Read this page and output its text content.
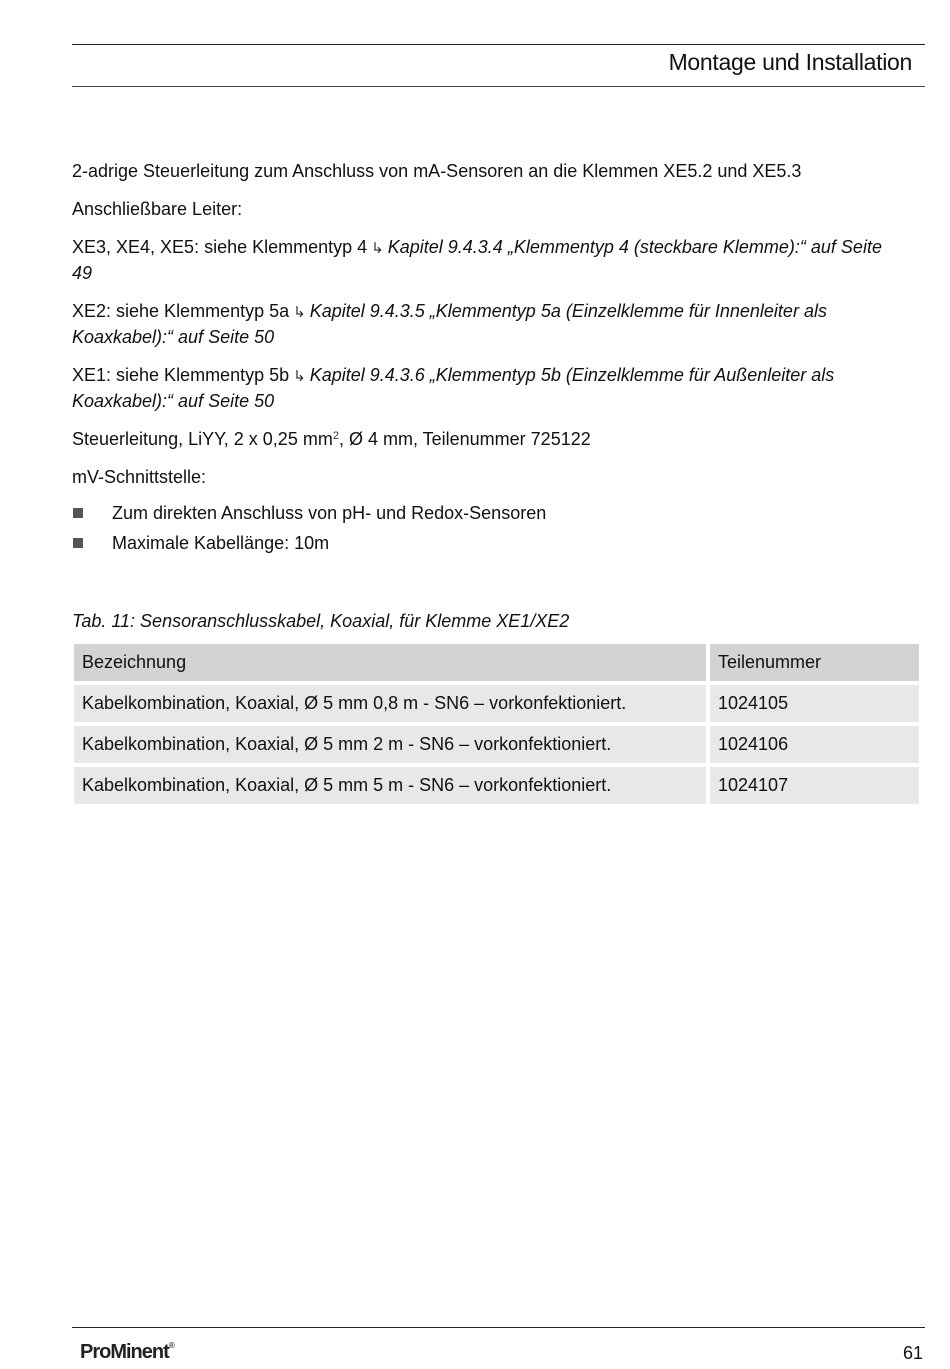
Montage und Installation

2-adrige Steuerleitung zum Anschluss von mA-Sensoren an die Klemmen XE5.2 und XE5.3

Anschließbare Leiter:

XE3, XE4, XE5: siehe Klemmentyp 4 ↳ Kapitel 9.4.3.4 „Klemmentyp 4 (steckbare Klemme):“ auf Seite 49

XE2: siehe Klemmentyp 5a ↳ Kapitel 9.4.3.5 „Klemmentyp 5a (Einzelklemme für Innenleiter als Koaxkabel):“ auf Seite 50

XE1: siehe Klemmentyp 5b ↳ Kapitel 9.4.3.6 „Klemmentyp 5b (Einzelklemme für Außenleiter als Koaxkabel):“ auf Seite 50

Steuerleitung, LiYY, 2 x 0,25 $mm^2$, Ø 4 mm, Teilenummer 725122

mV-Schnittstelle:

Zum direkten Anschluss von pH- und Redox-Sensoren
Maximale Kabellänge: 10m
Tab. 11: Sensoranschlusskabel, Koaxial, für Klemme XE1/XE2
Bezeichnung	Teilenummer
Kabelkombination, Koaxial, Ø 5 mm 0,8 m - SN6 – vorkonfektioniert.	1024105
Kabelkombination, Koaxial, Ø 5 mm 2 m - SN6 – vorkonfektioniert.	1024106
Kabelkombination, Koaxial, Ø 5 mm 5 m - SN6 – vorkonfektioniert.	1024107
ProMinent®	61
